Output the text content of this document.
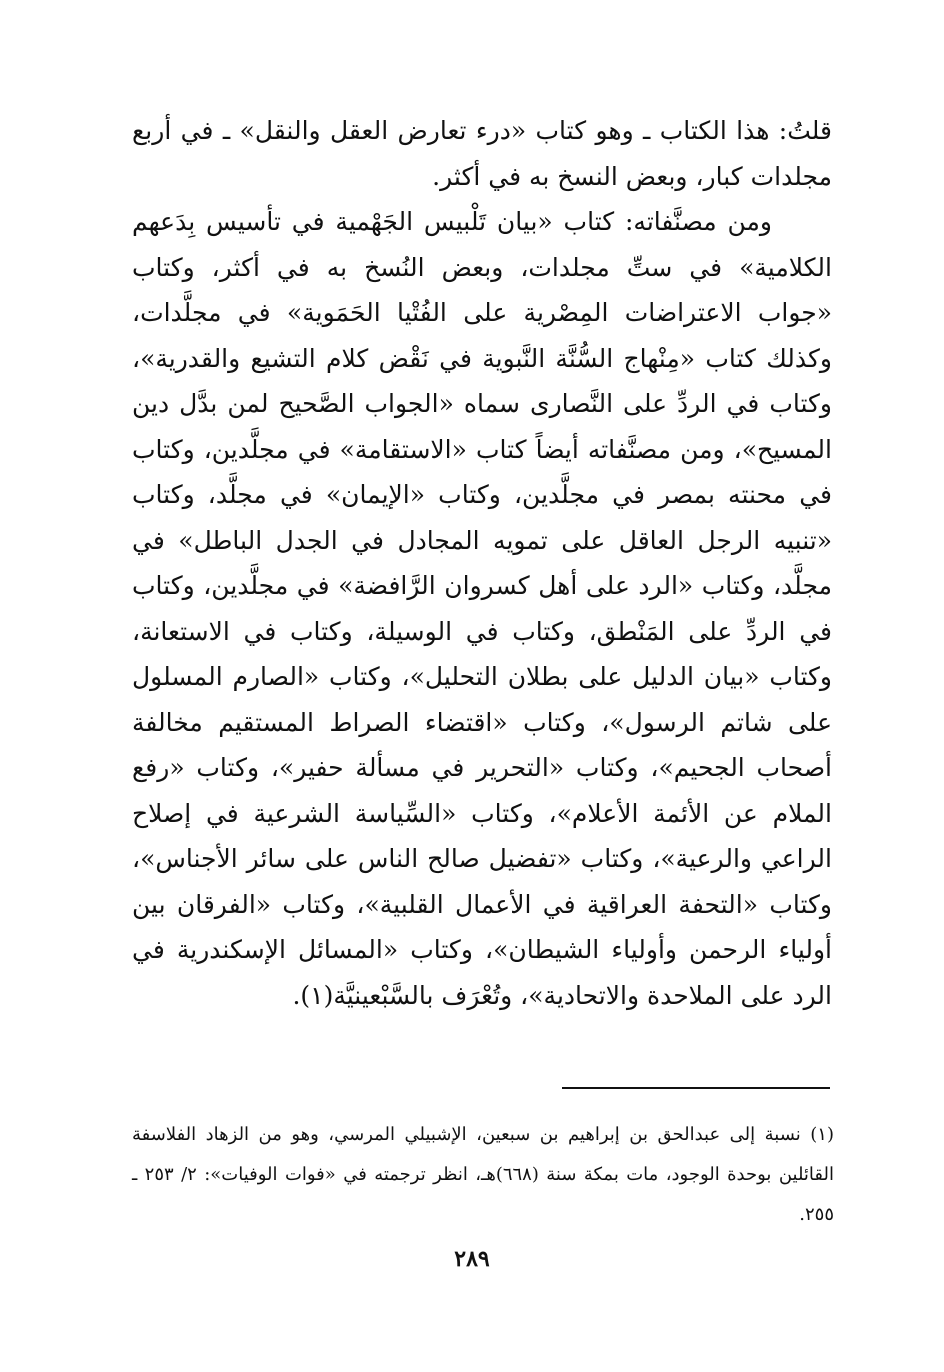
قلتُ: هذا الكتاب ـ وهو كتاب «درء تعارض العقل والنقل» ـ في أربع مجلدات كبار، وبعض النسخ به في أكثر.

ومن مصنَّفاته: كتاب «بيان تَلْبيس الجَهْمية في تأسيس بِدَعهم الكلامية» في ستِّ مجلدات، وبعض النُسخ به في أكثر، وكتاب «جواب الاعتراضات المِصْرية على الفُتْيا الحَمَوية» في مجلَّدات، وكذلك كتاب «مِنْهاج السُّنَّة النَّبوية في نَقْض كلام التشيع والقدرية»، وكتاب في الردِّ على النَّصارى سماه «الجواب الصَّحيح لمن بدَّل دين المسيح»، ومن مصنَّفاته أيضاً كتاب «الاستقامة» في مجلَّدين، وكتاب في محنته بمصر في مجلَّدين، وكتاب «الإيمان» في مجلَّد، وكتاب «تنبيه الرجل العاقل على تمويه المجادل في الجدل الباطل» في مجلَّد، وكتاب «الرد على أهل كسروان الرَّافضة» في مجلَّدين، وكتاب في الردِّ على المَنْطق، وكتاب في الوسيلة، وكتاب في الاستعانة، وكتاب «بيان الدليل على بطلان التحليل»، وكتاب «الصارم المسلول على شاتم الرسول»، وكتاب «اقتضاء الصراط المستقيم مخالفة أصحاب الجحيم»، وكتاب «التحرير في مسألة حفير»، وكتاب «رفع الملام عن الأئمة الأعلام»، وكتاب «السِّياسة الشرعية في إصلاح الراعي والرعية»، وكتاب «تفضيل صالح الناس على سائر الأجناس»، وكتاب «التحفة العراقية في الأعمال القلبية»، وكتاب «الفرقان بين أولياء الرحمن وأولياء الشيطان»، وكتاب «المسائل الإسكندرية في الرد على الملاحدة والاتحادية»، وتُعْرَف بالسَّبْعينيَّة(١).

(١) نسبة إلى عبدالحق بن إبراهيم بن سبعين، الإشبيلي المرسي، وهو من الزهاد الفلاسفة القائلين بوحدة الوجود، مات بمكة سنة (٦٦٨)هـ، انظر ترجمته في «فوات الوفيات»: ٢/ ٢٥٣ ـ ٢٥٥.

٢٨٩
